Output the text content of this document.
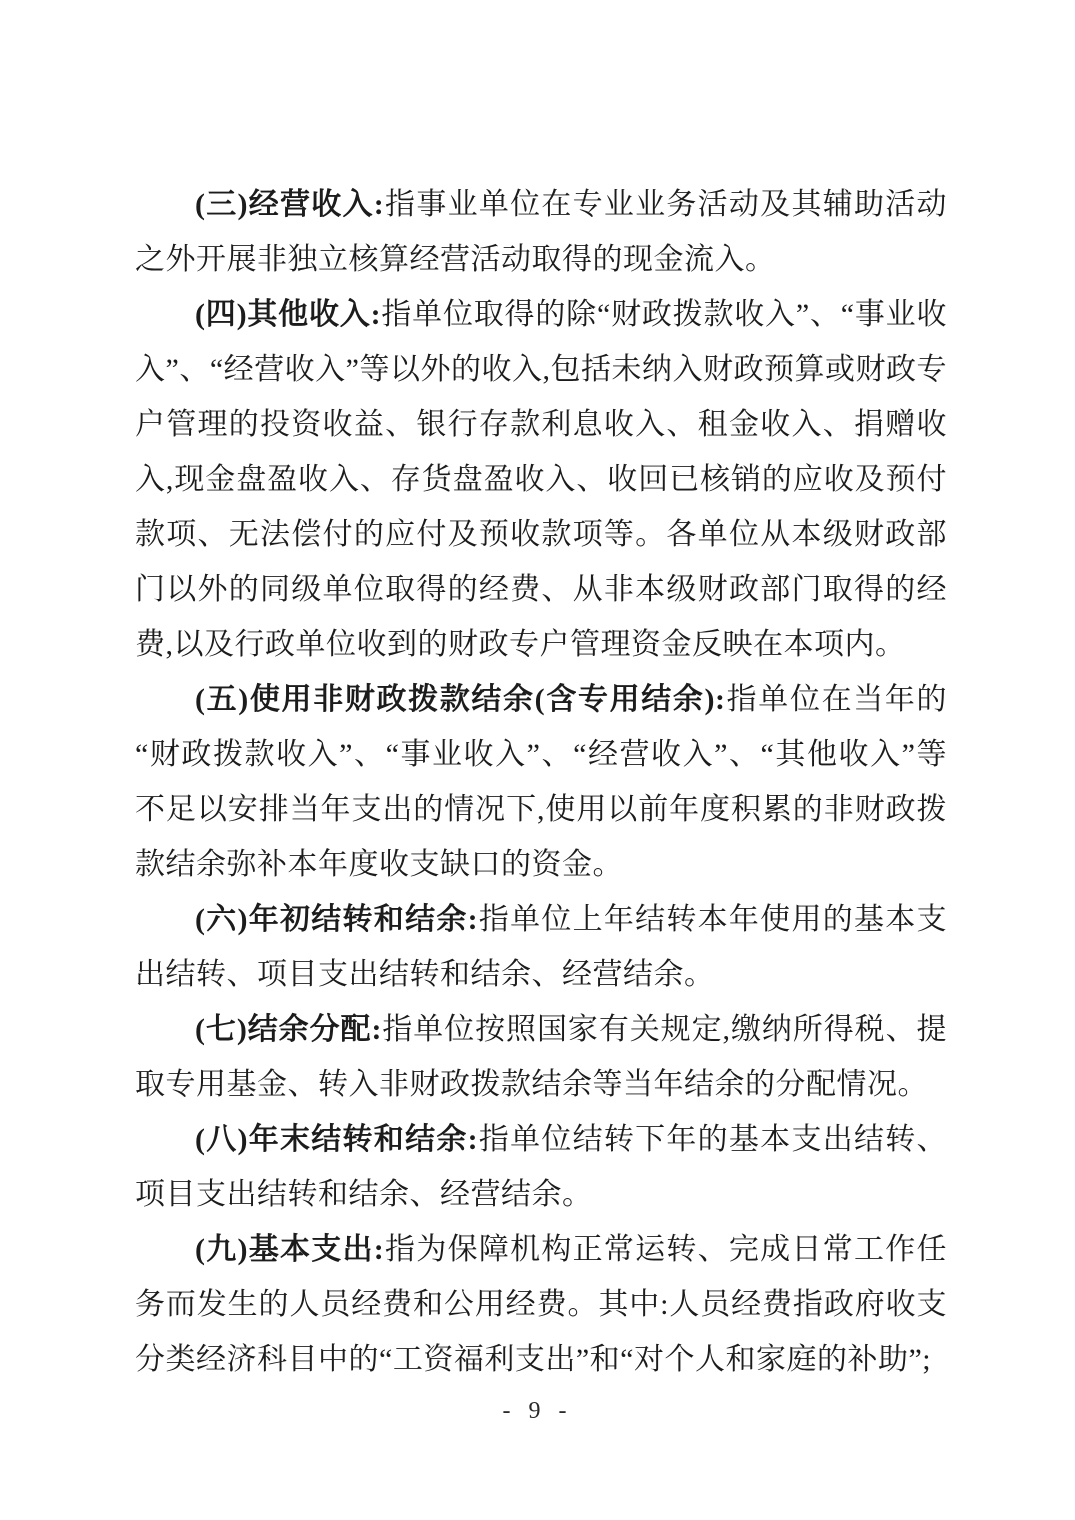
(三)经营收入:指事业单位在专业业务活动及其辅助活动之外开展非独立核算经营活动取得的现金流入。

(四)其他收入:指单位取得的除“财政拨款收入”、“事业收入”、“经营收入”等以外的收入,包括未纳入财政预算或财政专户管理的投资收益、银行存款利息收入、租金收入、捐赠收入,现金盘盈收入、存货盘盈收入、收回已核销的应收及预付款项、无法偿付的应付及预收款项等。各单位从本级财政部门以外的同级单位取得的经费、从非本级财政部门取得的经费,以及行政单位收到的财政专户管理资金反映在本项内。

(五)使用非财政拨款结余(含专用结余):指单位在当年的“财政拨款收入”、“事业收入”、“经营收入”、“其他收入”等不足以安排当年支出的情况下,使用以前年度积累的非财政拨款结余弥补本年度收支缺口的资金。

(六)年初结转和结余:指单位上年结转本年使用的基本支出结转、项目支出结转和结余、经营结余。

(七)结余分配:指单位按照国家有关规定,缴纳所得税、提取专用基金、转入非财政拨款结余等当年结余的分配情况。

(八)年末结转和结余:指单位结转下年的基本支出结转、项目支出结转和结余、经营结余。

(九)基本支出:指为保障机构正常运转、完成日常工作任务而发生的人员经费和公用经费。其中:人员经费指政府收支分类经济科目中的“工资福利支出”和“对个人和家庭的补助”;

- 9 -
